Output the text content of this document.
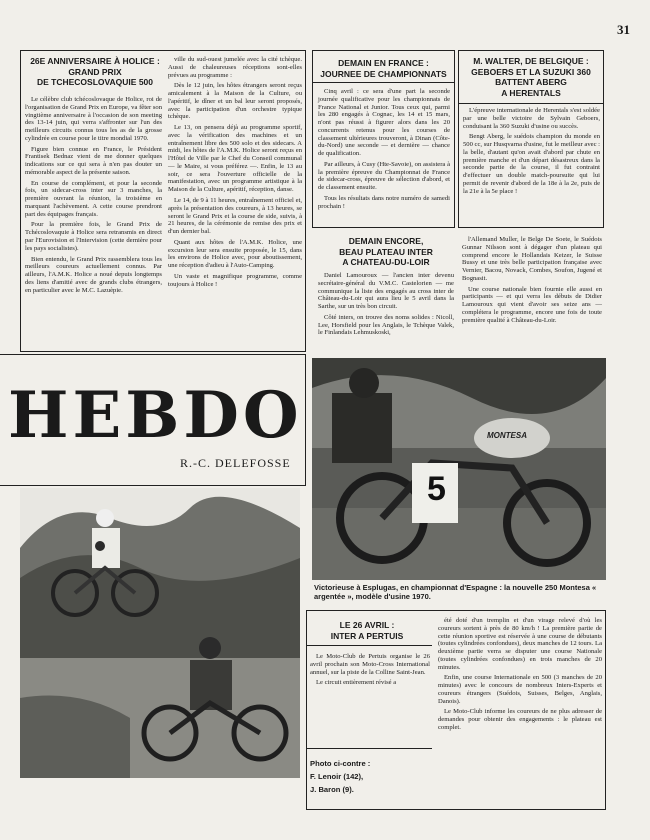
31
26E ANNIVERSAIRE À HOLICE :
GRAND PRIX
DE TCHECOSLOVAQUIE 500

Le célèbre club tchécoslovaque de Holice, roi de l'organisation de Grand Prix en Europe, va fêter son vingtième anniversaire à l'occasion de son meeting des 13-14 juin, qui verra s'affronter sur l'un des meilleurs circuits connus tous les as de la grosse cylindrée en course pour le titre mondial 1970.

Figure bien connue en France, le Président Frantisek Bednaz vient de me donner quelques indications sur ce qui sera à n'en pas douter un mémorable aspect de la présente saison.

En course de complément, et pour la seconde fois, un sidecar-cross inter sur 3 manches, la première ouvrant la réunion, la troisième en marquant l'achèvement. A cette course prendront part des équipages français.

Pour la première fois, le Grand Prix de Tchécoslovaquie à Holice sera retransmis en direct par l'Eurovision et l'Intervision (cette dernière pour les pays socialistes).

Bien entendu, le Grand Prix rassemblera tous les meilleurs coureurs actuellement connus. Par ailleurs, l'A.M.K. Holice a noué depuis longtemps des liens d'amitié avec de grands clubs étrangers, en particulier avec le M.C. Lazuèpie.

ville du sud-ouest jumelée avec la cité tchèque. Aussi de chaleureuses réceptions sont-elles prévues au programme :

Dès le 12 juin, les hôtes étrangers seront reçus amicalement à la Maison de la Culture, ou l'apéritif, le dîner et un bal leur seront proposés, avec la participation d'un orchestre typique tchèque.

Le 13, on pensera déjà au programme sportif, avec la vérification des machines et un entraînement libre des 500 solo et des sidecars. A midi, les hôtes de l'A.M.K. Holice seront reçus en l'Hôtel de Ville par le Chef du Conseil communal — le Maire, si vous préférez —. Enfin, le 13 au soir, ce sera l'ouverture officielle de la manifestation, avec un programme artistique à la Maison de la Culture, apéritif, réception, danse.

Le 14, de 9 à 11 heures, entraînement officiel et, après la présentation des coureurs, à 13 heures, se seront le Grand Prix et la course de side, suivis, à 21 heures, de la cérémonie de remise des prix et d'un dernier bal.

Quant aux hôtes de l'A.M.K. Holice, une excursion leur sera ensuite proposée, le 15, dans les environs de Holice avec, pour aboutissement, une réception d'adieu à l'Auto-Camping.

Un vaste et magnifique programme, comme toujours à Holice !

DEMAIN EN FRANCE :
JOURNEE DE CHAMPIONNATS

Cinq avril : ce sera d'une part la seconde journée qualificative pour les championnats de France National et Junior. Tous ceux qui, parmi les 280 engagés à Cognac, les 14 et 15 mars, n'ont pas réussi à figurer alors dans les 20 concurrents retenus pour les courses de classement ultérieures trouveront, à Dinan (Côte-du-Nord) une seconde — et dernière — chance de qualification.

Par ailleurs, à Cusy (Hte-Savoie), on assistera à la première épreuve du Championnat de France de sidecar-cross, épreuve de sélection d'abord, et de classement ensuite.

Tous les résultats dans notre numéro de samedi prochain !

M. WALTER, DE BELGIQUE :
GEBOERS ET LA SUZUKI 360
BATTENT ABERG
A HERENTALS

L'épreuve internationale de Herentals s'est soldée par une belle victoire de Sylvain Geboers, conduisant la 360 Suzuki d'usine ou succès.

Bengt Aberg, le suédois champion du monde en 500 cc, sur Husqvarna d'usine, fut le meilleur avec : la belle, d'autant qu'on avait d'abord par chute en première manche et d'un départ désastreux dans la seconde partie de la course, il fut contraint d'effectuer un double match-poursuite qui lui permit de revenir d'abord de la 18e à la 2e, puis de la 21e à la 5e place !

DEMAIN ENCORE,
BEAU PLATEAU INTER
A CHATEAU-DU-LOIR

Daniel Lamouroux — l'ancien inter devenu secrétaire-général du V.M.C. Castelorien — me communique la liste des engagés au cross inter de Château-du-Loir qui aura lieu le 5 avril dans la Sarthe, sur un très bon circuit.

Côté inters, on trouve des noms solides : Nicoll, Lee, Horsfield pour les Anglais, le Tchèque Valek, le Finlandais Lehmuskoski,

l'Allemand Muller, le Belge De Soete, le Suédois Gunnar Nilsson sont à dégager d'un plateau qui comprend encore le Hollandais Keizer, le Suisse Bussy et une très belle participation française avec Vernier, Bacou, Novack, Combes, Soufon, Jugené et Bognasit.

Une course nationale bien fournie elle aussi en participants — et qui verra les débuts de Didier Lamouroux qui vient d'avoir ses seize ans — complétera le programme, encore une fois de toute première qualité à Château-du-Loir.

HEBDO
R.-C. DELEFOSSE
MONTESA
5
Victorieuse à Esplugas, en championnat d'Espagne : la nouvelle 250 Montesa « argentée », modèle d'usine 1970.
LE 26 AVRIL :
INTER A PERTUIS

Le Moto-Club de Pertuis organise le 26 avril prochain son Moto-Cross International annuel, sur la piste de la Colline Saint-Jean.

Le circuit entièrement révisé a

été doté d'un tremplin et d'un virage relevé d'où les coureurs sortent à près de 80 km/h ! La première partie de cette réunion sportive est réservée à une course de débutants (toutes cylindrées confondues), deux manches de 12 tours. La deuxième partie verra se disputer une course Nationale (toutes cylindrées confondues) en trois manches de 20 minutes.

Enfin, une course Internationale en 500 (3 manches de 20 minutes) avec le concours de nombreux Inters-Experts et coureurs étrangers (Suédois, Suisses, Belges, Anglais, Danois).

Le Moto-Club informe les coureurs de ne plus adresser de demandes pour obtenir des engagements : le plateau est complet.

Photo ci-contre :
F. Lenoir (142),
J. Baron (9).
